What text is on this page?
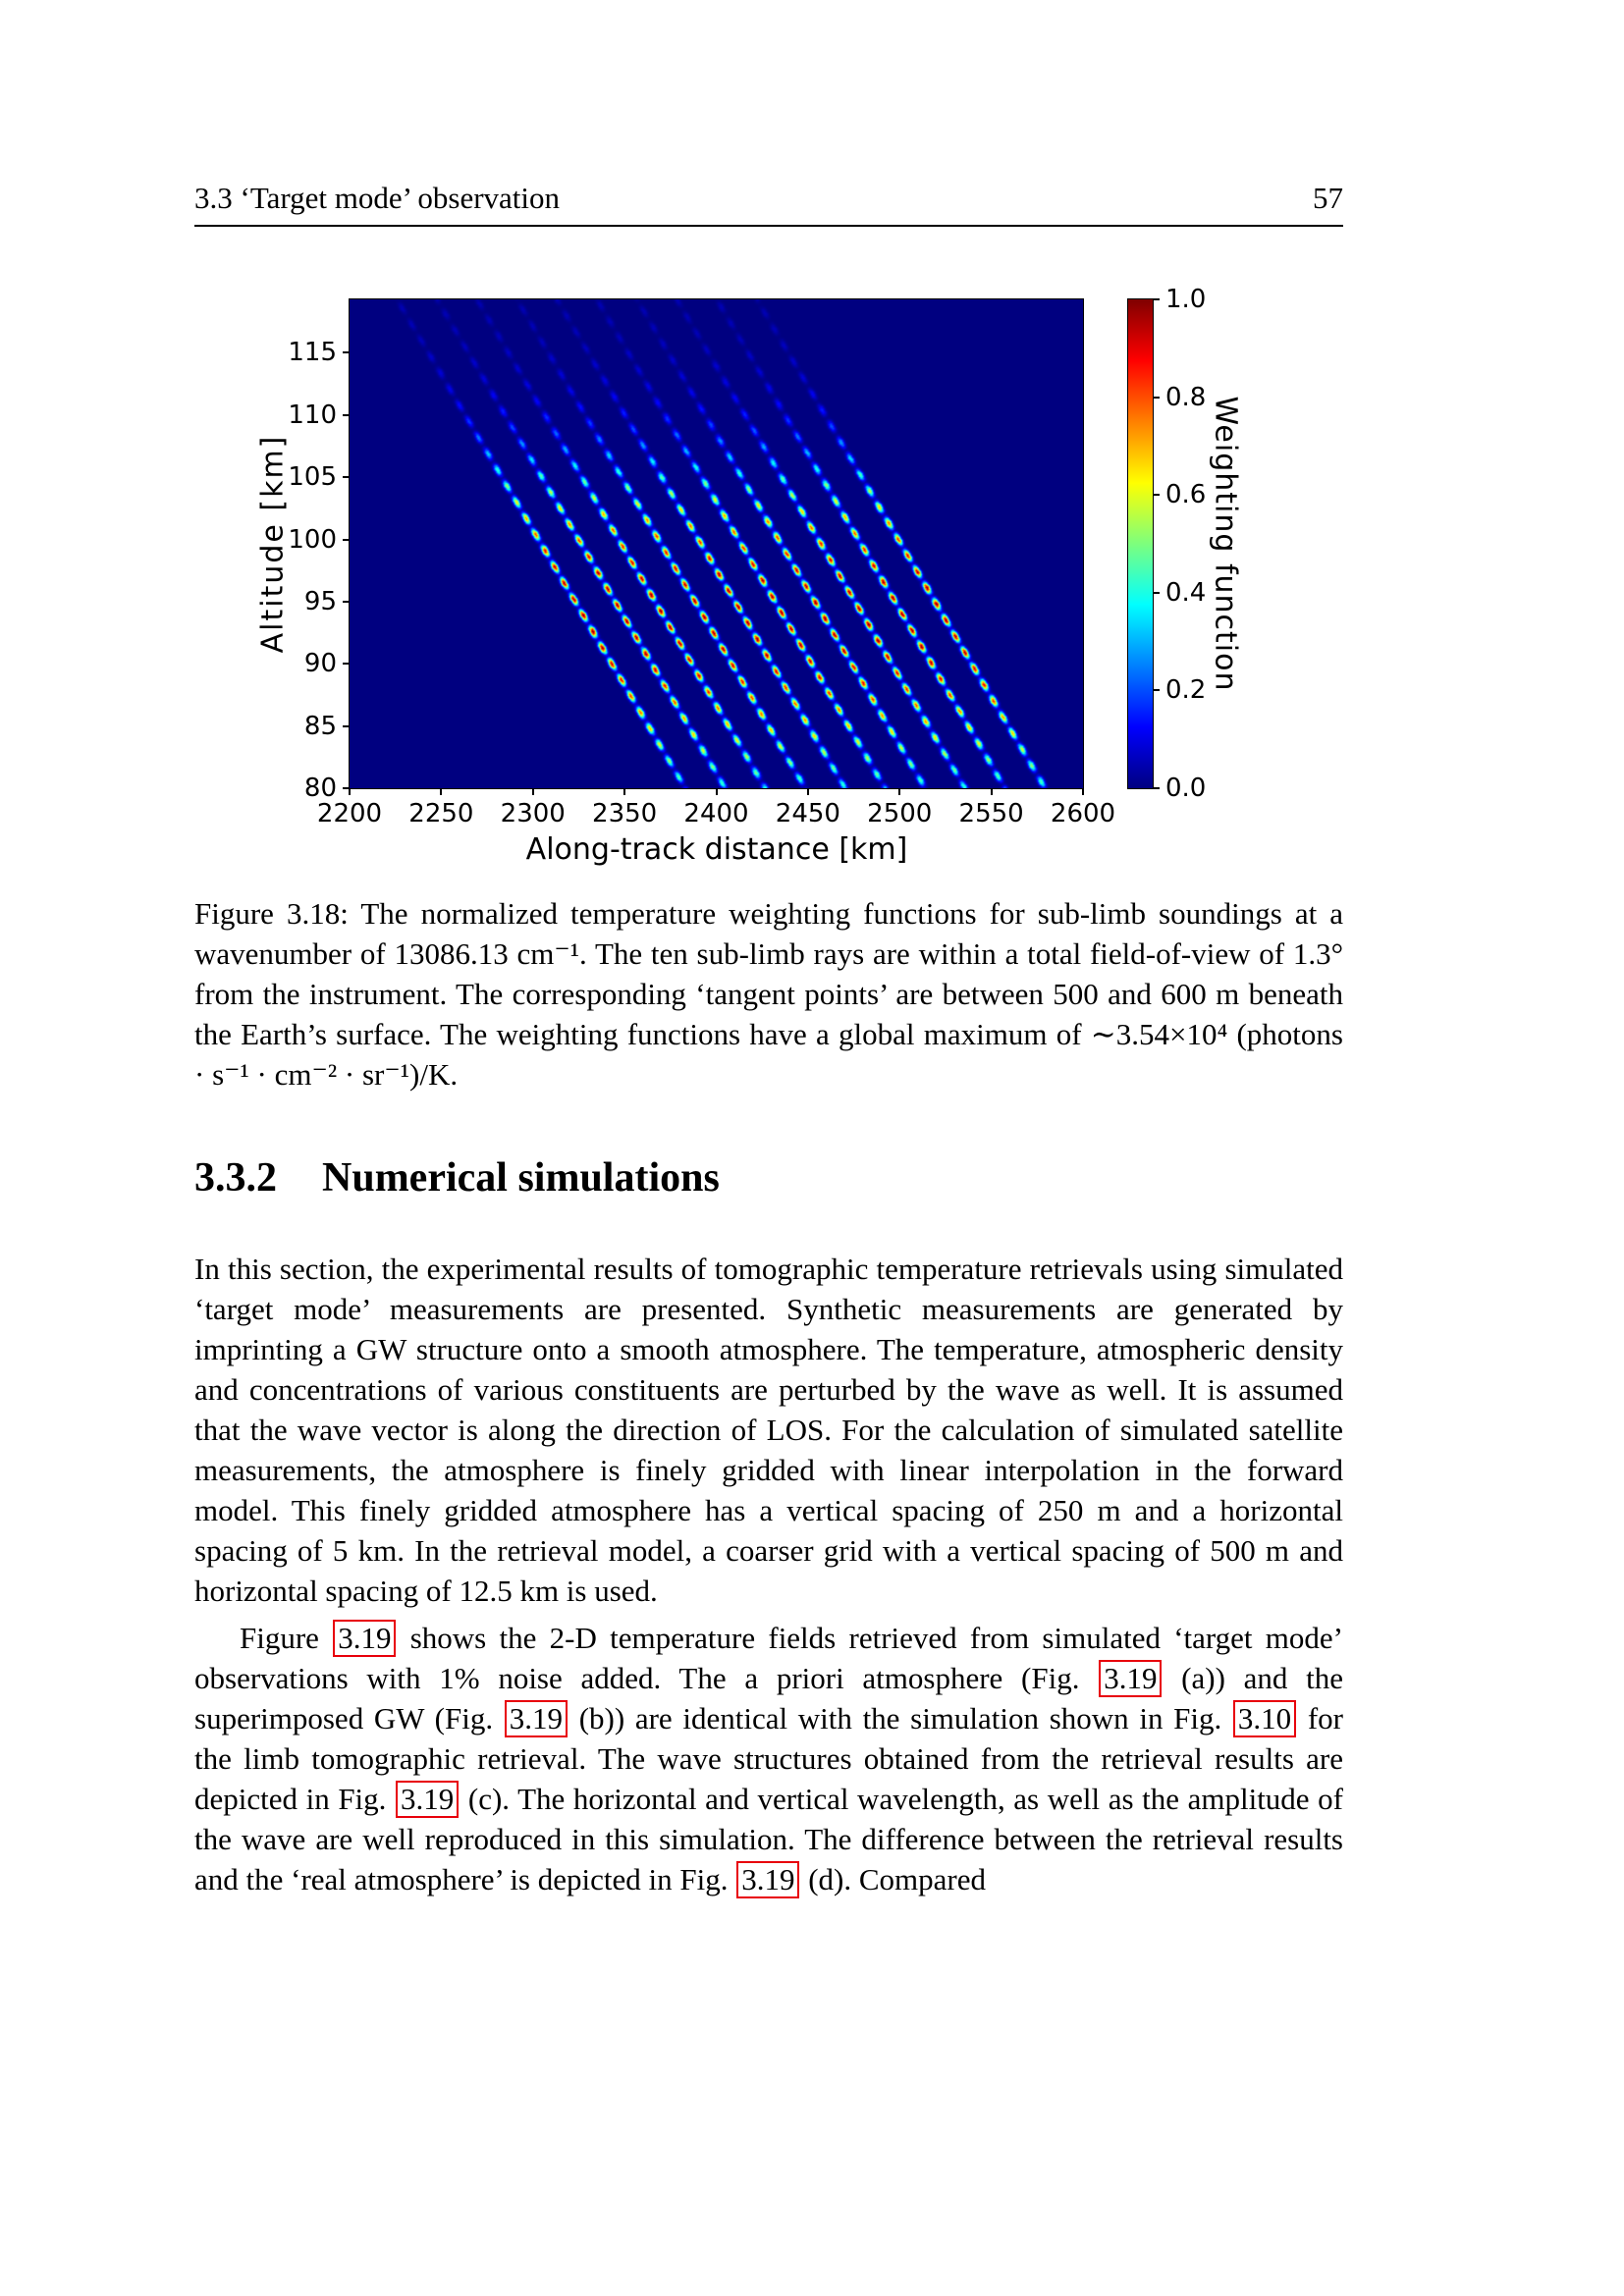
3.3 ‘Target mode’ observation	57
Altitude [km]
Along-track distance [km]
Weighting function
80
85
90
95
100
105
110
115
2200 2250 2300 2350 2400 2450 2500 2550 2600
0.0
0.2
0.4
0.6
0.8
1.0
Figure 3.18: The normalized temperature weighting functions for sub-limb soundings at a wavenumber of 13086.13 cm⁻¹. The ten sub-limb rays are within a total field-of-view of 1.3° from the instrument. The corresponding ‘tangent points’ are between 500 and 600 m beneath the Earth’s surface. The weighting functions have a global maximum of ∼3.54×10⁴ (photons · s⁻¹ · cm⁻² · sr⁻¹)/K.
3.3.2 Numerical simulations

In this section, the experimental results of tomographic temperature retrievals using simulated ‘target mode’ measurements are presented. Synthetic measurements are generated by imprinting a GW structure onto a smooth atmosphere. The temperature, atmospheric density and concentrations of various constituents are perturbed by the wave as well. It is assumed that the wave vector is along the direction of LOS. For the calculation of simulated satellite measurements, the atmosphere is finely gridded with linear interpolation in the forward model. This finely gridded atmosphere has a vertical spacing of 250 m and a horizontal spacing of 5 km. In the retrieval model, a coarser grid with a vertical spacing of 500 m and horizontal spacing of 12.5 km is used.

Figure 3.19 shows the 2-D temperature fields retrieved from simulated ‘target mode’ observations with 1% noise added. The a priori atmosphere (Fig. 3.19 (a)) and the superimposed GW (Fig. 3.19 (b)) are identical with the simulation shown in Fig. 3.10 for the limb tomographic retrieval. The wave structures obtained from the retrieval results are depicted in Fig. 3.19 (c). The horizontal and vertical wavelength, as well as the amplitude of the wave are well reproduced in this simulation. The difference between the retrieval results and the ‘real atmosphere’ is depicted in Fig. 3.19 (d). Compared
